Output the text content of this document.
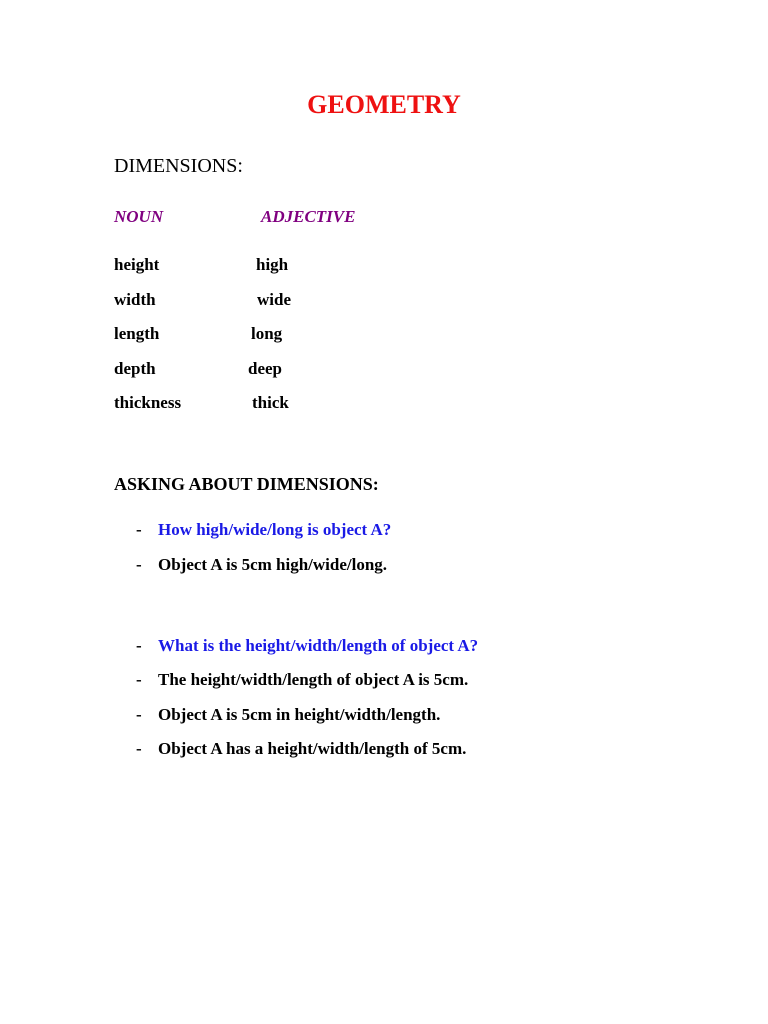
GEOMETRY
DIMENSIONS:
NOUN	ADJECTIVE
height	high
width	wide
length	long
depth	deep
thickness	thick
ASKING ABOUT DIMENSIONS:
- How high/wide/long is object A?
- Object A is 5cm high/wide/long.
- What is the height/width/length of object A?
- The height/width/length of object A is 5cm.
- Object A is 5cm in height/width/length.
- Object A has a height/width/length of 5cm.
